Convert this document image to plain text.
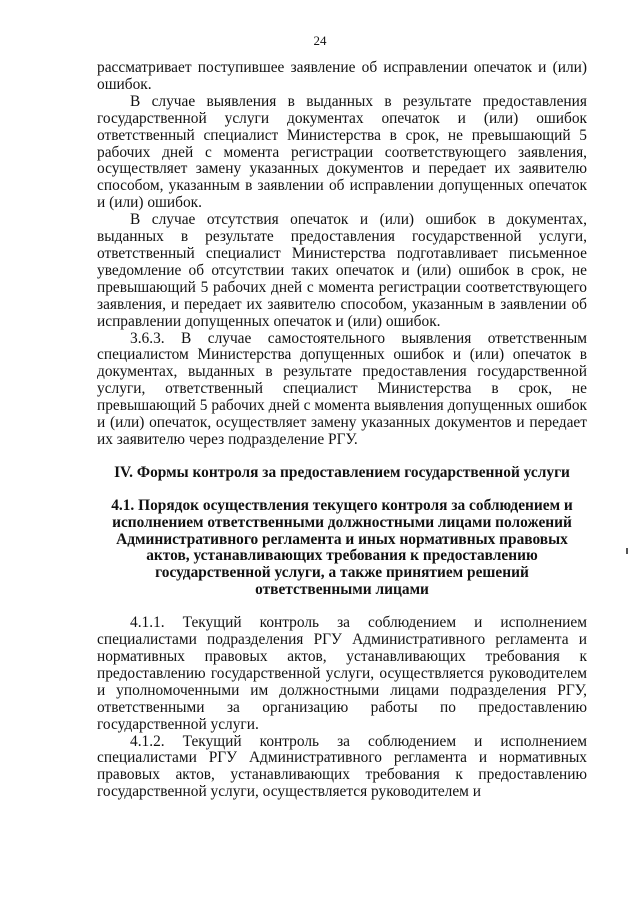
24

рассматривает поступившее заявление об исправлении опечаток и (или) ошибок.

В случае выявления в выданных в результате предоставления государственной услуги документах опечаток и (или) ошибок ответственный специалист Министерства в срок, не превышающий 5 рабочих дней с момента регистрации соответствующего заявления, осуществляет замену указанных документов и передает их заявителю способом, указанным в заявлении об исправлении допущенных опечаток и (или) ошибок.

В случае отсутствия опечаток и (или) ошибок в документах, выданных в результате предоставления государственной услуги, ответственный специалист Министерства подготавливает письменное уведомление об отсутствии таких опечаток и (или) ошибок в срок, не превышающий 5 рабочих дней с момента регистрации соответствующего заявления, и передает их заявителю способом, указанным в заявлении об исправлении допущенных опечаток и (или) ошибок.

3.6.3. В случае самостоятельного выявления ответственным специалистом Министерства допущенных ошибок и (или) опечаток в документах, выданных в результате предоставления государственной услуги, ответственный специалист Министерства в срок, не превышающий 5 рабочих дней с момента выявления допущенных ошибок и (или) опечаток, осуществляет замену указанных документов и передает их заявителю через подразделение РГУ.

IV. Формы контроля за предоставлением государственной услуги
4.1. Порядок осуществления текущего контроля за соблюдением и исполнением ответственными должностными лицами положений Административного регламента и иных нормативных правовых актов, устанавливающих требования к предоставлению государственной услуги, а также принятием решений ответственными лицами

4.1.1. Текущий контроль за соблюдением и исполнением специалистами подразделения РГУ Административного регламента и нормативных правовых актов, устанавливающих требования к предоставлению государственной услуги, осуществляется руководителем и уполномоченными им должностными лицами подразделения РГУ, ответственными за организацию работы по предоставлению государственной услуги.

4.1.2. Текущий контроль за соблюдением и исполнением специалистами РГУ Административного регламента и нормативных правовых актов, устанавливающих требования к предоставлению государственной услуги, осуществляется руководителем и
